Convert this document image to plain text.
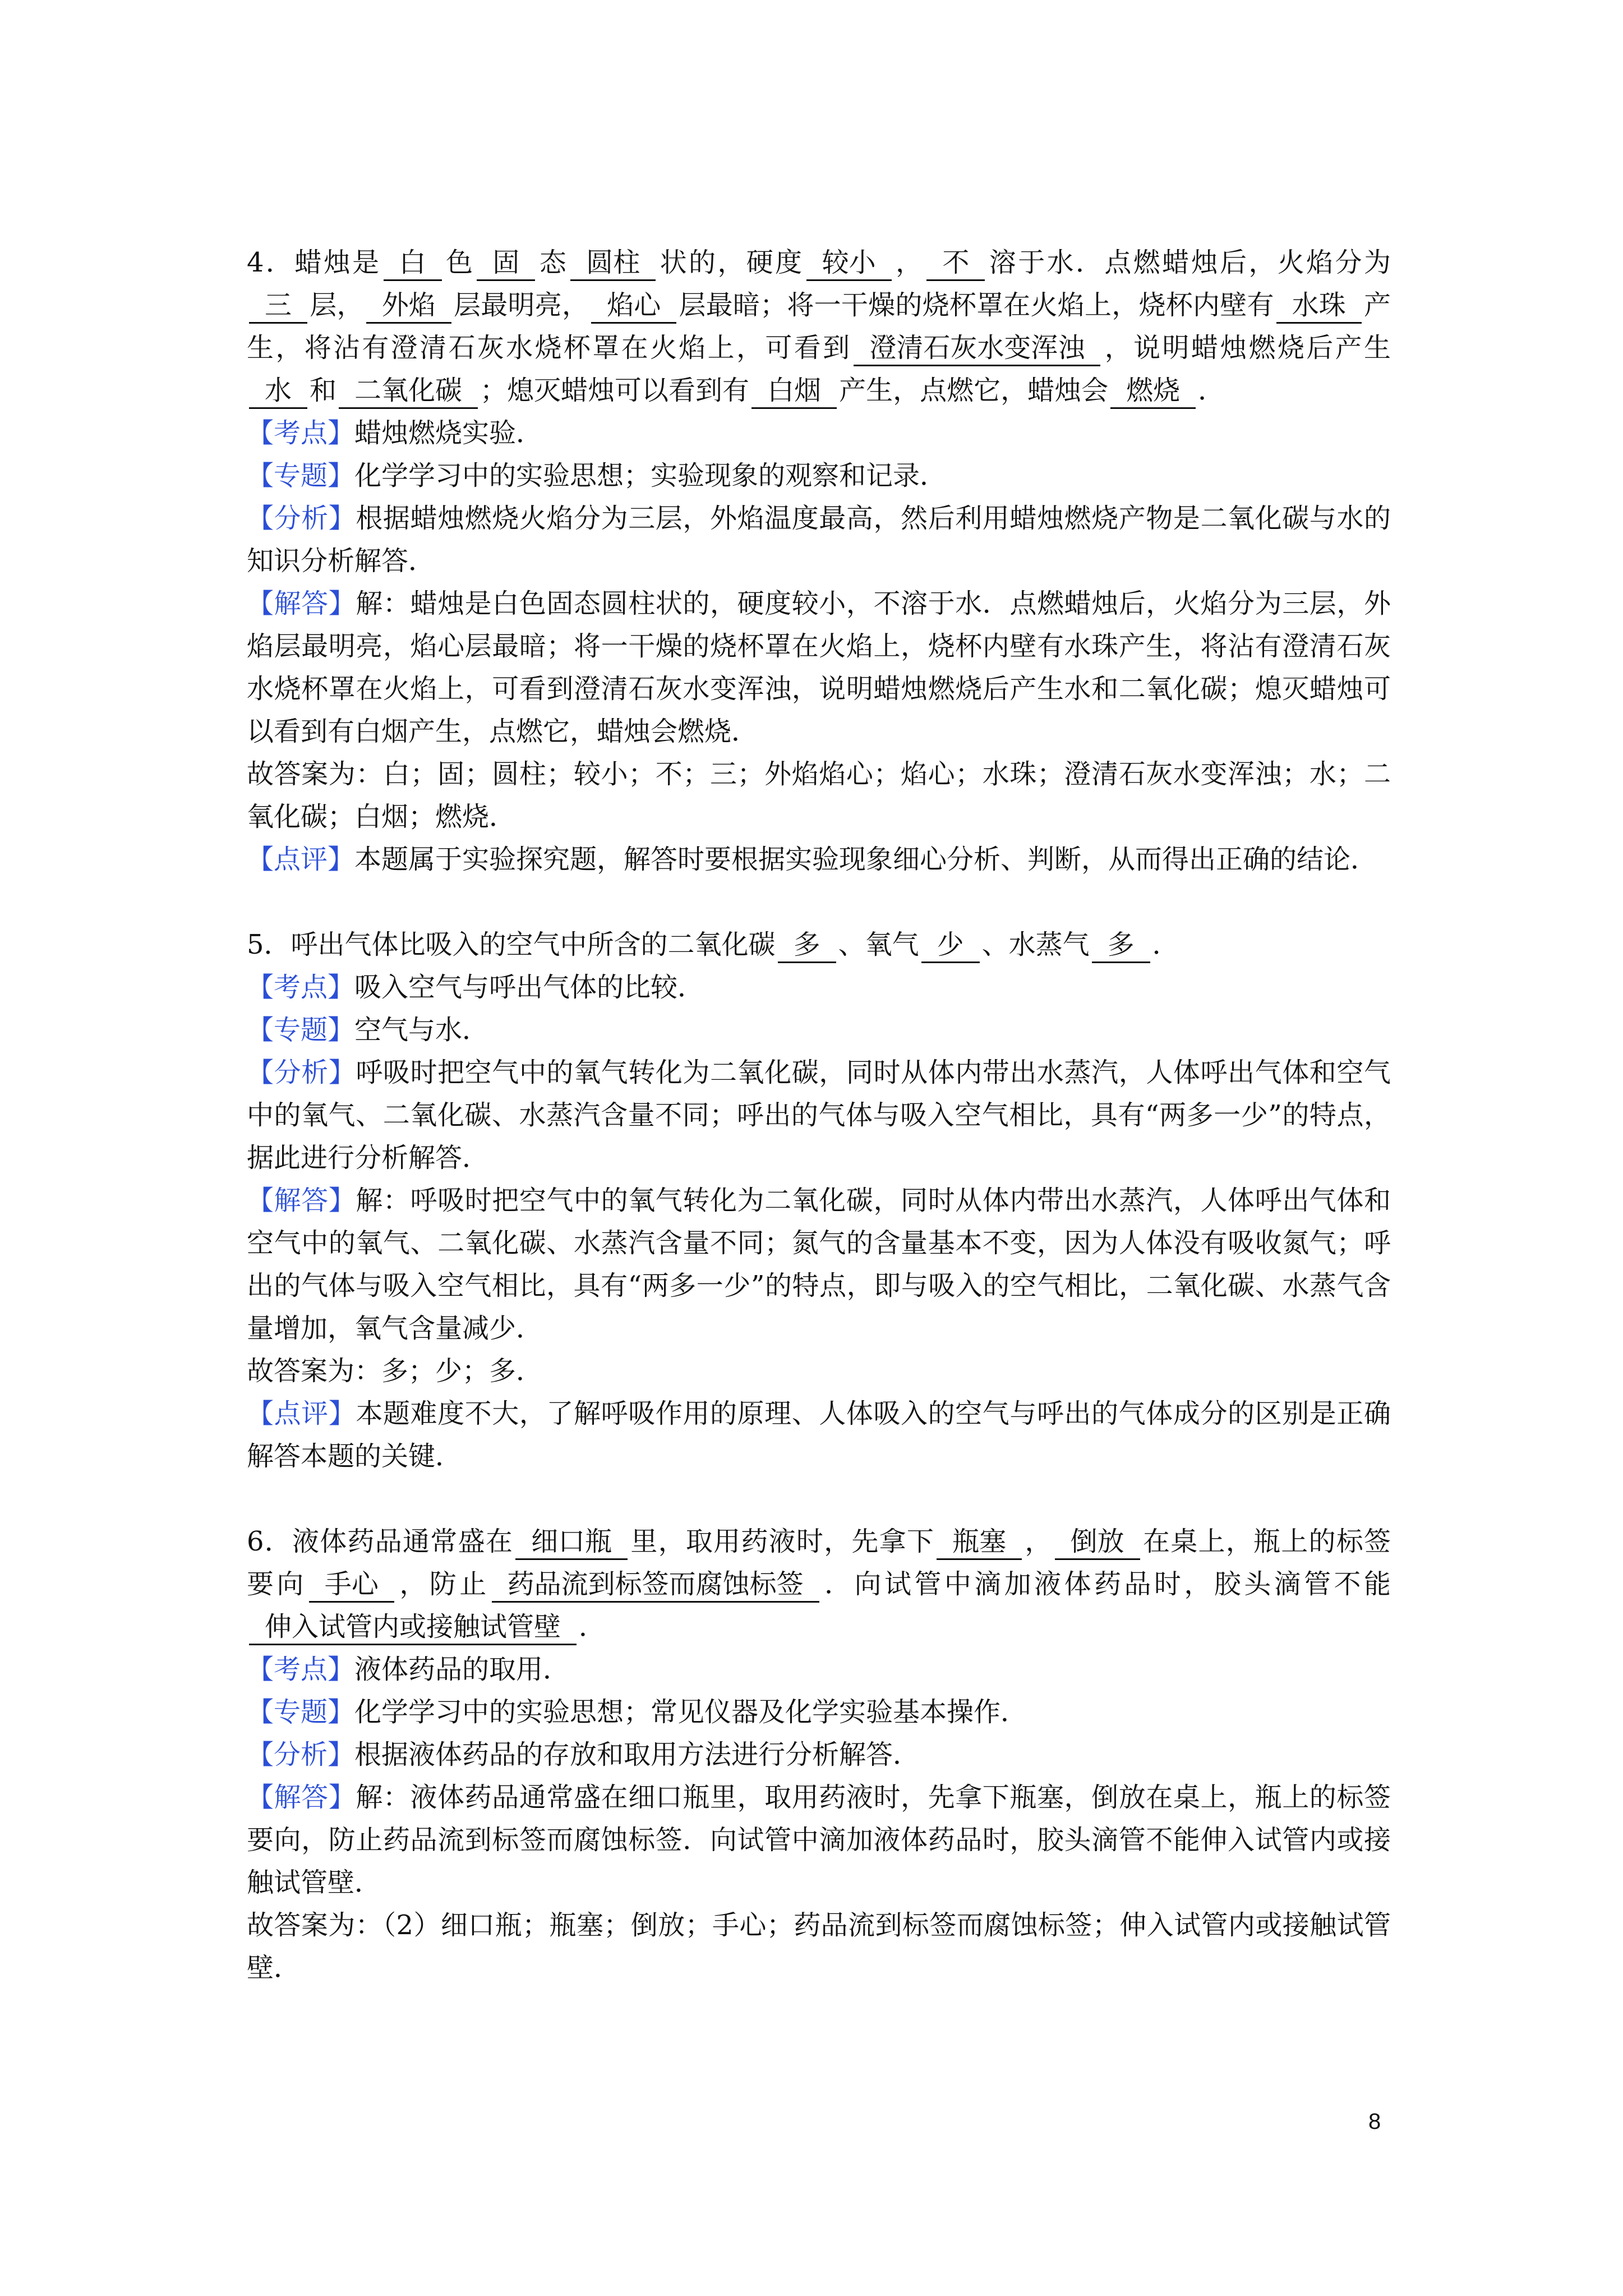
4．蜡烛是 白 色 固 态 圆柱 状的，硬度 较小 ， 不 溶于水．点燃蜡烛后，火焰分为三 层， 外焰 层最明亮， 焰心 层最暗；将一干燥的烧杯罩在火焰上，烧杯内壁有 水珠 产生，将沾有澄清石灰水烧杯罩在火焰上，可看到 澄清石灰水变浑浊 ，说明蜡烛燃烧后产生水 和 二氧化碳 ；熄灭蜡烛可以看到有 白烟 产生，点燃它，蜡烛会 燃烧 ．

【考点】蜡烛燃烧实验．

【专题】化学学习中的实验思想；实验现象的观察和记录．

【分析】根据蜡烛燃烧火焰分为三层，外焰温度最高，然后利用蜡烛燃烧产物是二氧化碳与水的知识分析解答．

【解答】解：蜡烛是白色固态圆柱状的，硬度较小，不溶于水．点燃蜡烛后，火焰分为三层，外焰层最明亮，焰心层最暗；将一干燥的烧杯罩在火焰上，烧杯内壁有水珠产生，将沾有澄清石灰水烧杯罩在火焰上，可看到澄清石灰水变浑浊，说明蜡烛燃烧后产生水和二氧化碳；熄灭蜡烛可以看到有白烟产生，点燃它，蜡烛会燃烧．

故答案为：白；固；圆柱；较小；不；三；外焰焰心；焰心；水珠；澄清石灰水变浑浊；水；二氧化碳；白烟；燃烧．

【点评】本题属于实验探究题，解答时要根据实验现象细心分析、判断，从而得出正确的结论．

5．呼出气体比吸入的空气中所含的二氧化碳 多 、氧气 少 、水蒸气 多 ．

【考点】吸入空气与呼出气体的比较．

【专题】空气与水．

【分析】呼吸时把空气中的氧气转化为二氧化碳，同时从体内带出水蒸汽，人体呼出气体和空气中的氧气、二氧化碳、水蒸汽含量不同；呼出的气体与吸入空气相比，具有“两多一少”的特点，据此进行分析解答．

【解答】解：呼吸时把空气中的氧气转化为二氧化碳，同时从体内带出水蒸汽，人体呼出气体和空气中的氧气、二氧化碳、水蒸汽含量不同；氮气的含量基本不变，因为人体没有吸收氮气；呼出的气体与吸入空气相比，具有“两多一少”的特点，即与吸入的空气相比，二氧化碳、水蒸气含量增加，氧气含量减少．

故答案为：多；少；多．

【点评】本题难度不大，了解呼吸作用的原理、人体吸入的空气与呼出的气体成分的区别是正确解答本题的关键．

6．液体药品通常盛在 细口瓶 里，取用药液时，先拿下 瓶塞 ， 倒放 在桌上，瓶上的标签要向 手心 ，防止 药品流到标签而腐蚀标签 ．向试管中滴加液体药品时，胶头滴管不能伸入试管内或接触试管壁 ．

【考点】液体药品的取用．

【专题】化学学习中的实验思想；常见仪器及化学实验基本操作．

【分析】根据液体药品的存放和取用方法进行分析解答．

【解答】解：液体药品通常盛在细口瓶里，取用药液时，先拿下瓶塞，倒放在桌上，瓶上的标签要向，防止药品流到标签而腐蚀标签．向试管中滴加液体药品时，胶头滴管不能伸入试管内或接触试管壁．

故答案为：（2）细口瓶；瓶塞；倒放；手心；药品流到标签而腐蚀标签；伸入试管内或接触试管壁．

8
